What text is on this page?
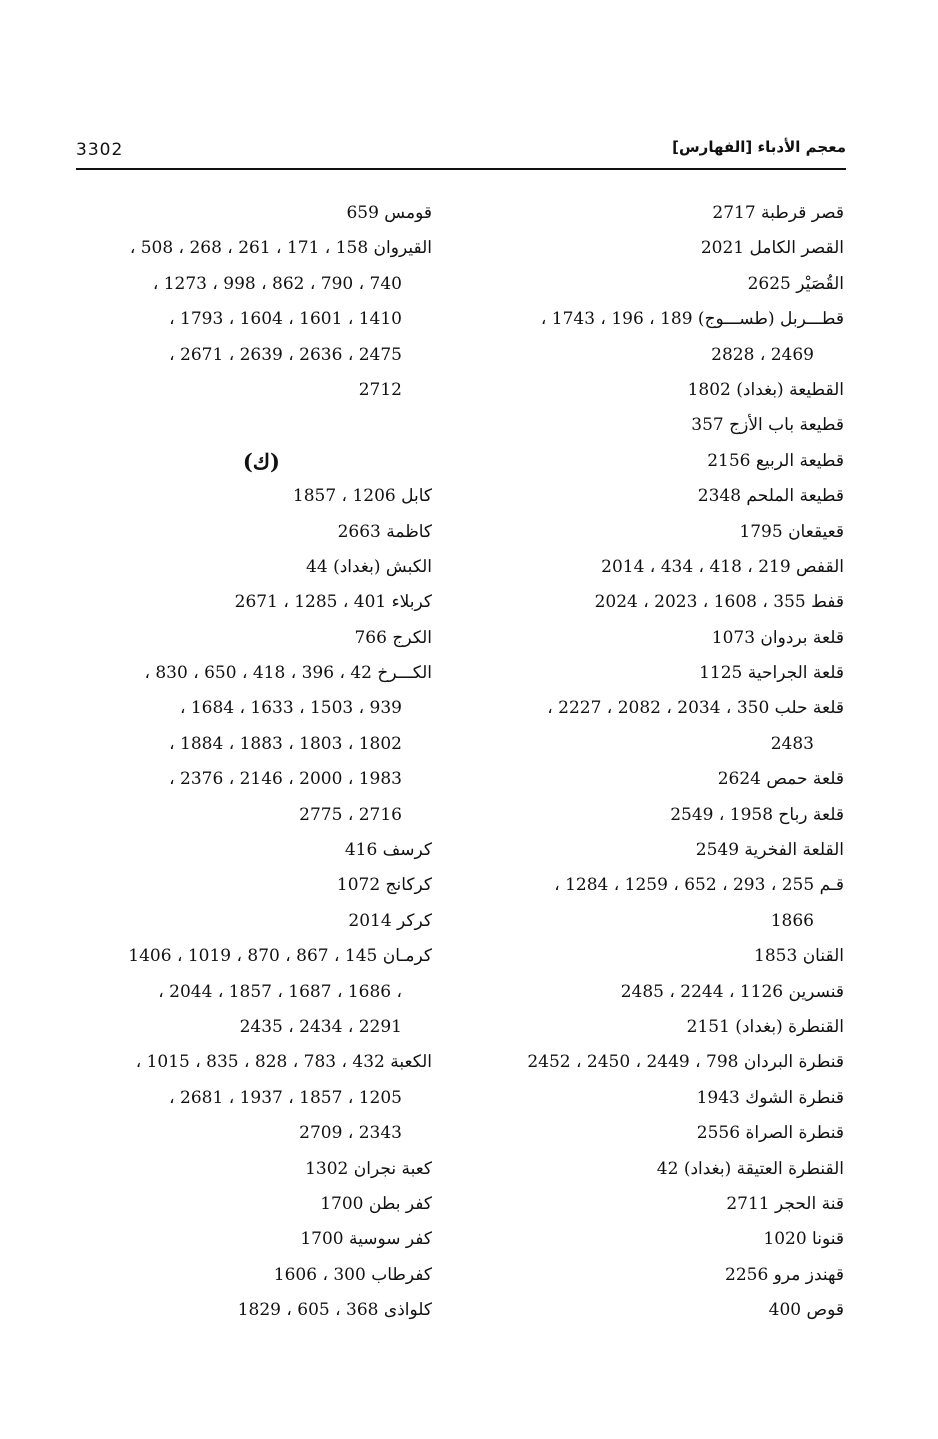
3302	معجم الأدباء [الفهارس]
قصر قرطبة 2717
القصر الكامل 2021
القُصَيْر 2625
قطـــربل (طســـوج) 189 ، 196 ، 1743 ،
2469 ، 2828
القطيعة (بغداد) 1802
قطيعة باب الأزج 357
قطيعة الربيع 2156
قطيعة الملحم 2348
قعيقعان 1795
القفص 219 ، 418 ، 434 ، 2014
قفط 355 ، 1608 ، 2023 ، 2024
قلعة بردوان 1073
قلعة الجراحية 1125
قلعة حلب 350 ، 2034 ، 2082 ، 2227 ،
2483
قلعة حمص 2624
قلعة رباح 1958 ، 2549
القلعة الفخرية 2549
قـم 255 ، 293 ، 652 ، 1259 ، 1284 ،
1866
القنان 1853
قنسرين 1126 ، 2244 ، 2485
القنطرة (بغداد) 2151
قنطرة البردان 798 ، 2449 ، 2450 ، 2452
قنطرة الشوك 1943
قنطرة الصراة 2556
القنطرة العتيقة (بغداد) 42
قنة الحجر 2711
قنونا 1020
قهندز مرو 2256
قوص 400
قومس 659
القيروان 158 ، 171 ، 261 ، 268 ، 508 ،
740 ، 790 ، 862 ، 998 ، 1273 ،
1410 ، 1601 ، 1604 ، 1793 ،
2475 ، 2636 ، 2639 ، 2671 ،
2712
(ك)
كابل 1206 ، 1857
كاظمة 2663
الكبش (بغداد) 44
كربلاء 401 ، 1285 ، 2671
الكرج 766
الكـــرخ 42 ، 396 ، 418 ، 650 ، 830 ،
939 ، 1503 ، 1633 ، 1684 ،
1802 ، 1803 ، 1883 ، 1884 ،
1983 ، 2000 ، 2146 ، 2376 ،
2716 ، 2775
كرسف 416
كركانج 1072
كركر 2014
كرمـان 145 ، 867 ، 870 ، 1019 ، 1406
، 1686 ، 1687 ، 1857 ، 2044 ،
2291 ، 2434 ، 2435
الكعبة 432 ، 783 ، 828 ، 835 ، 1015 ،
1205 ، 1857 ، 1937 ، 2681 ،
2343 ، 2709
كعبة نجران 1302
كفر بطن 1700
كفر سوسية 1700
كفرطاب 300 ، 1606
كلواذى 368 ، 605 ، 1829
